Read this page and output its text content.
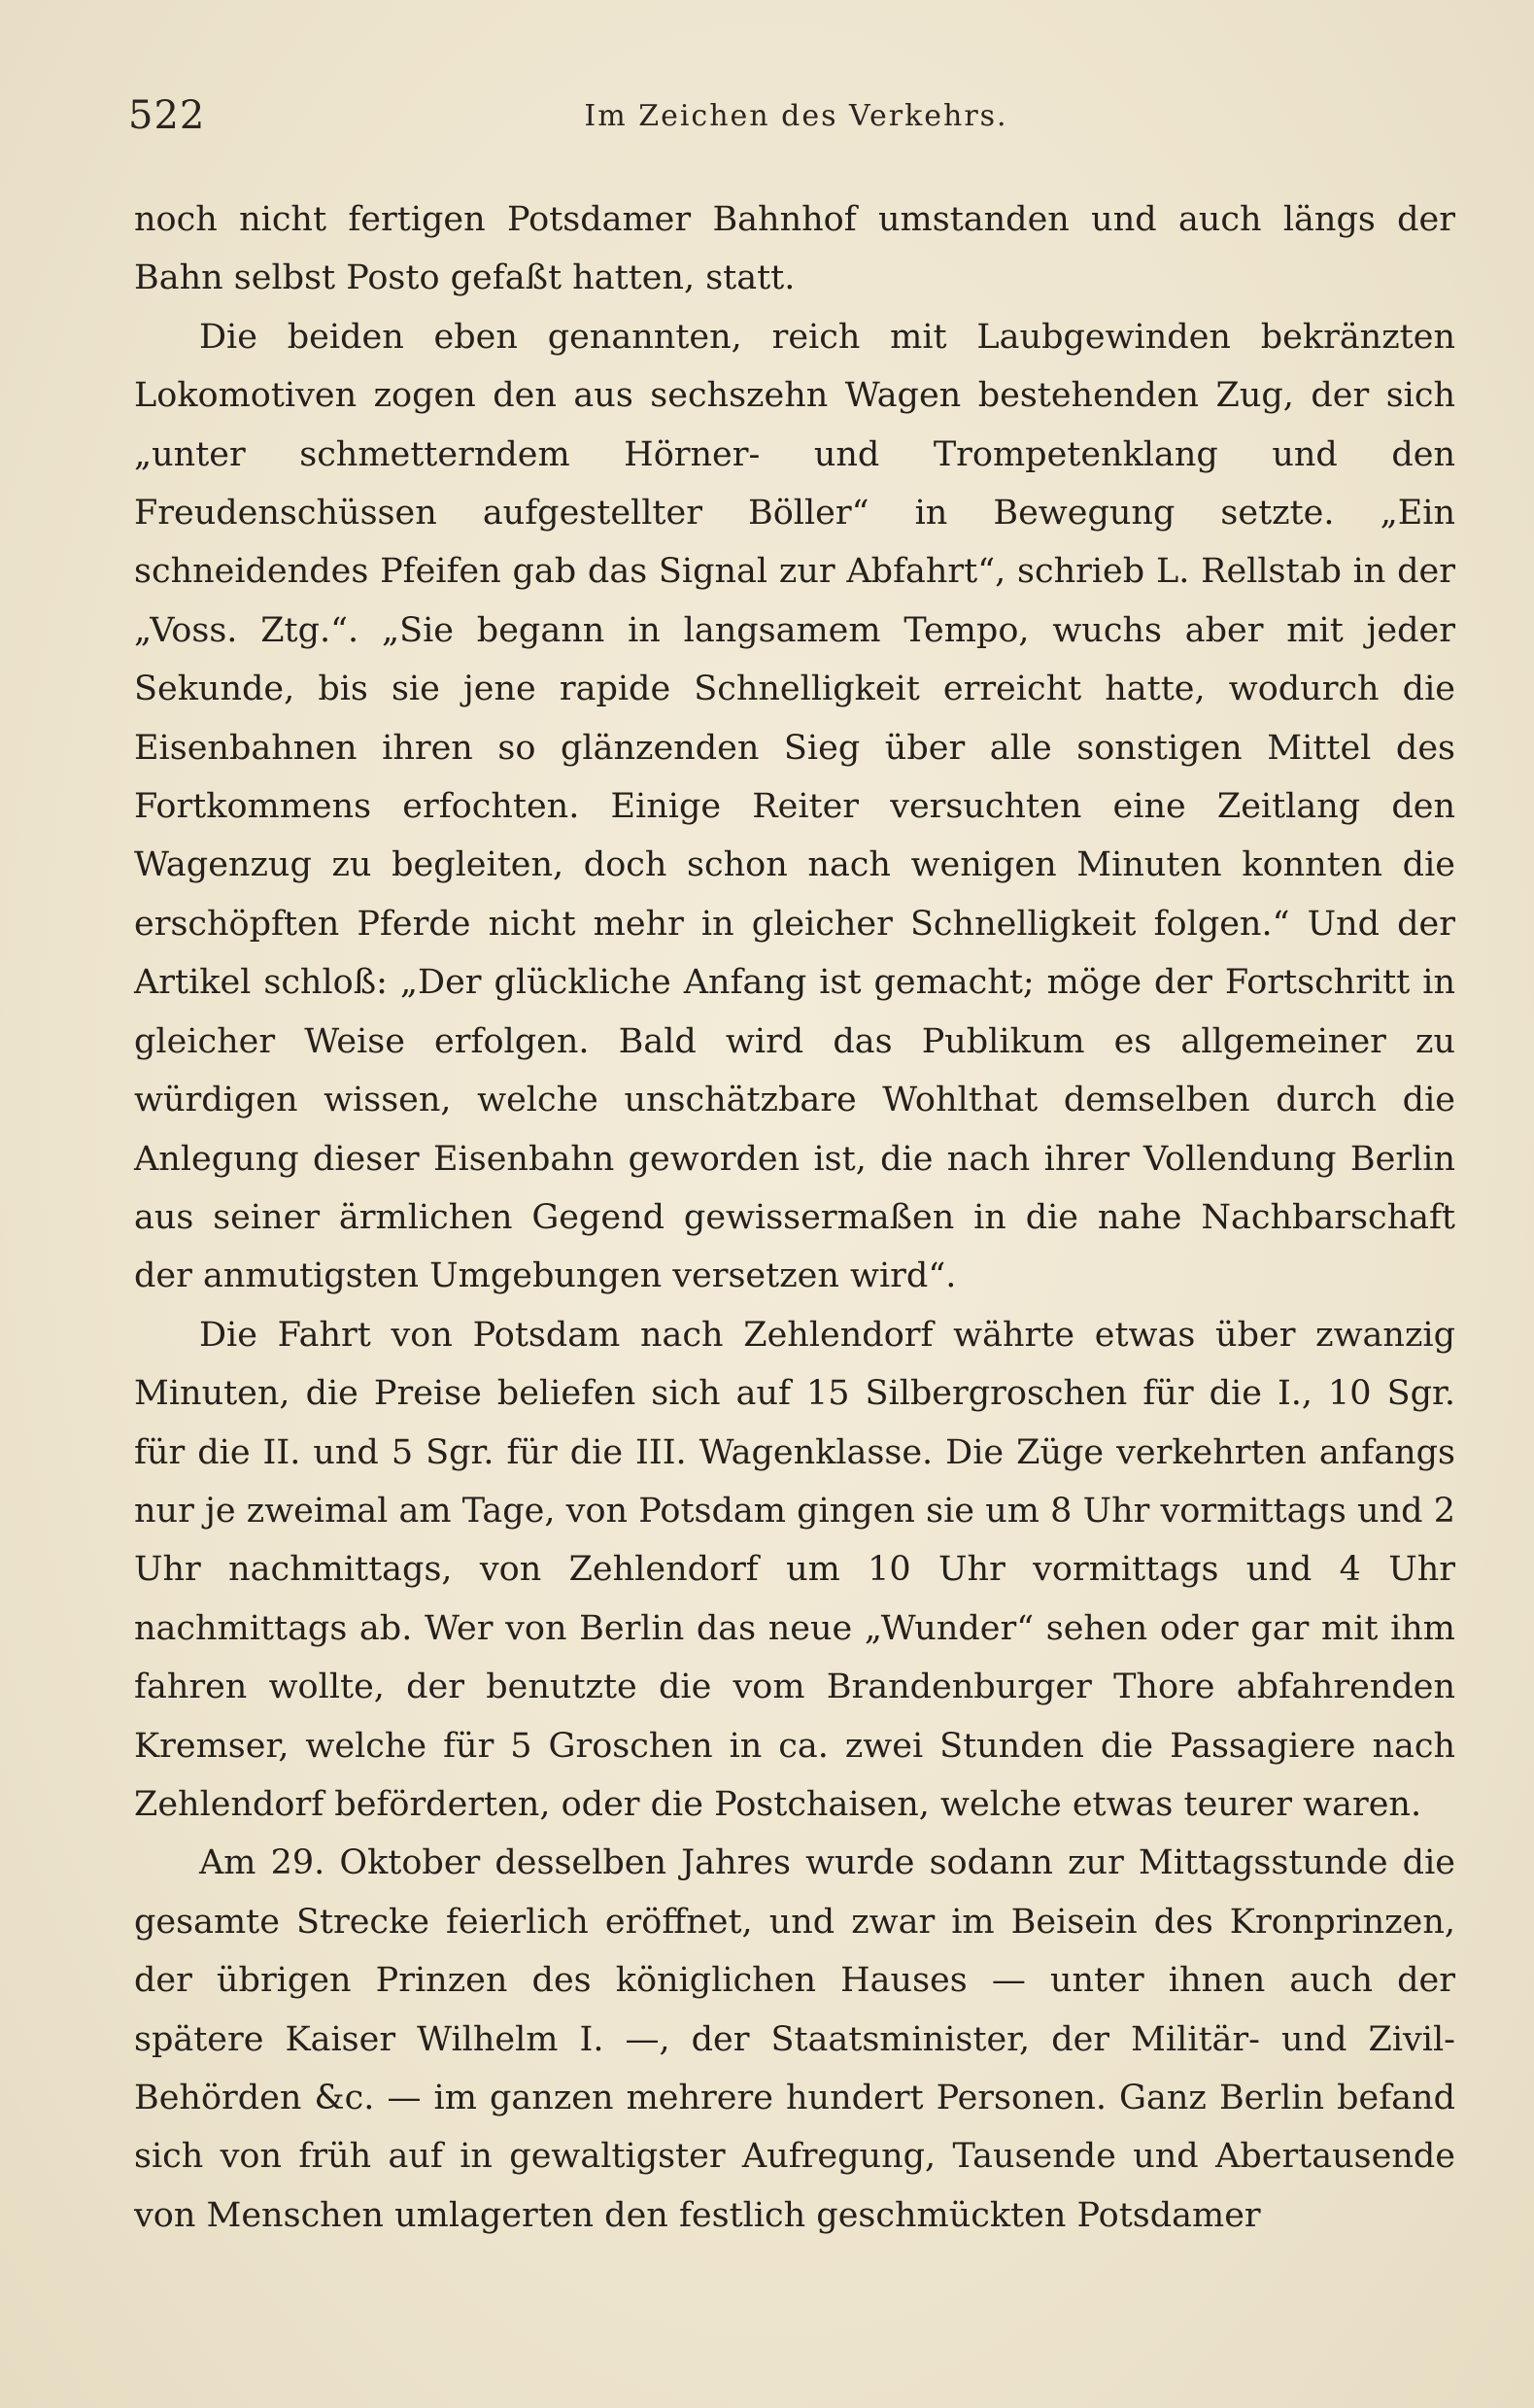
522	Im Zeichen des Verkehrs.

noch nicht fertigen Potsdamer Bahnhof umstanden und auch längs der Bahn selbst Posto gefaßt hatten, statt.

Die beiden eben genannten, reich mit Laubgewinden bekränzten Lokomotiven zogen den aus sechszehn Wagen bestehenden Zug, der sich „unter schmetterndem Hörner- und Trompetenklang und den Freudenschüssen aufgestellter Böller“ in Bewegung setzte. „Ein schneidendes Pfeifen gab das Signal zur Abfahrt“, schrieb L. Rellstab in der „Voss. Ztg.“. „Sie begann in langsamem Tempo, wuchs aber mit jeder Sekunde, bis sie jene rapide Schnelligkeit erreicht hatte, wodurch die Eisenbahnen ihren so glänzenden Sieg über alle sonstigen Mittel des Fortkommens erfochten. Einige Reiter versuchten eine Zeitlang den Wagenzug zu begleiten, doch schon nach wenigen Minuten konnten die erschöpften Pferde nicht mehr in gleicher Schnelligkeit folgen.“ Und der Artikel schloß: „Der glückliche Anfang ist gemacht; möge der Fortschritt in gleicher Weise erfolgen. Bald wird das Publikum es allgemeiner zu würdigen wissen, welche unschätzbare Wohlthat demselben durch die Anlegung dieser Eisenbahn geworden ist, die nach ihrer Vollendung Berlin aus seiner ärmlichen Gegend gewissermaßen in die nahe Nachbarschaft der anmutigsten Umgebungen versetzen wird“.

Die Fahrt von Potsdam nach Zehlendorf währte etwas über zwanzig Minuten, die Preise beliefen sich auf 15 Silbergroschen für die I., 10 Sgr. für die II. und 5 Sgr. für die III. Wagenklasse. Die Züge verkehrten anfangs nur je zweimal am Tage, von Potsdam gingen sie um 8 Uhr vormittags und 2 Uhr nachmittags, von Zehlendorf um 10 Uhr vormittags und 4 Uhr nachmittags ab. Wer von Berlin das neue „Wunder“ sehen oder gar mit ihm fahren wollte, der benutzte die vom Brandenburger Thore abfahrenden Kremser, welche für 5 Groschen in ca. zwei Stunden die Passagiere nach Zehlendorf beförderten, oder die Postchaisen, welche etwas teurer waren.

Am 29. Oktober desselben Jahres wurde sodann zur Mittagsstunde die gesamte Strecke feierlich eröffnet, und zwar im Beisein des Kronprinzen, der übrigen Prinzen des königlichen Hauses — unter ihnen auch der spätere Kaiser Wilhelm I. —, der Staatsminister, der Militär- und Zivil-Behörden &c. — im ganzen mehrere hundert Personen. Ganz Berlin befand sich von früh auf in gewaltigster Aufregung, Tausende und Abertausende von Menschen umlagerten den festlich geschmückten Potsdamer
